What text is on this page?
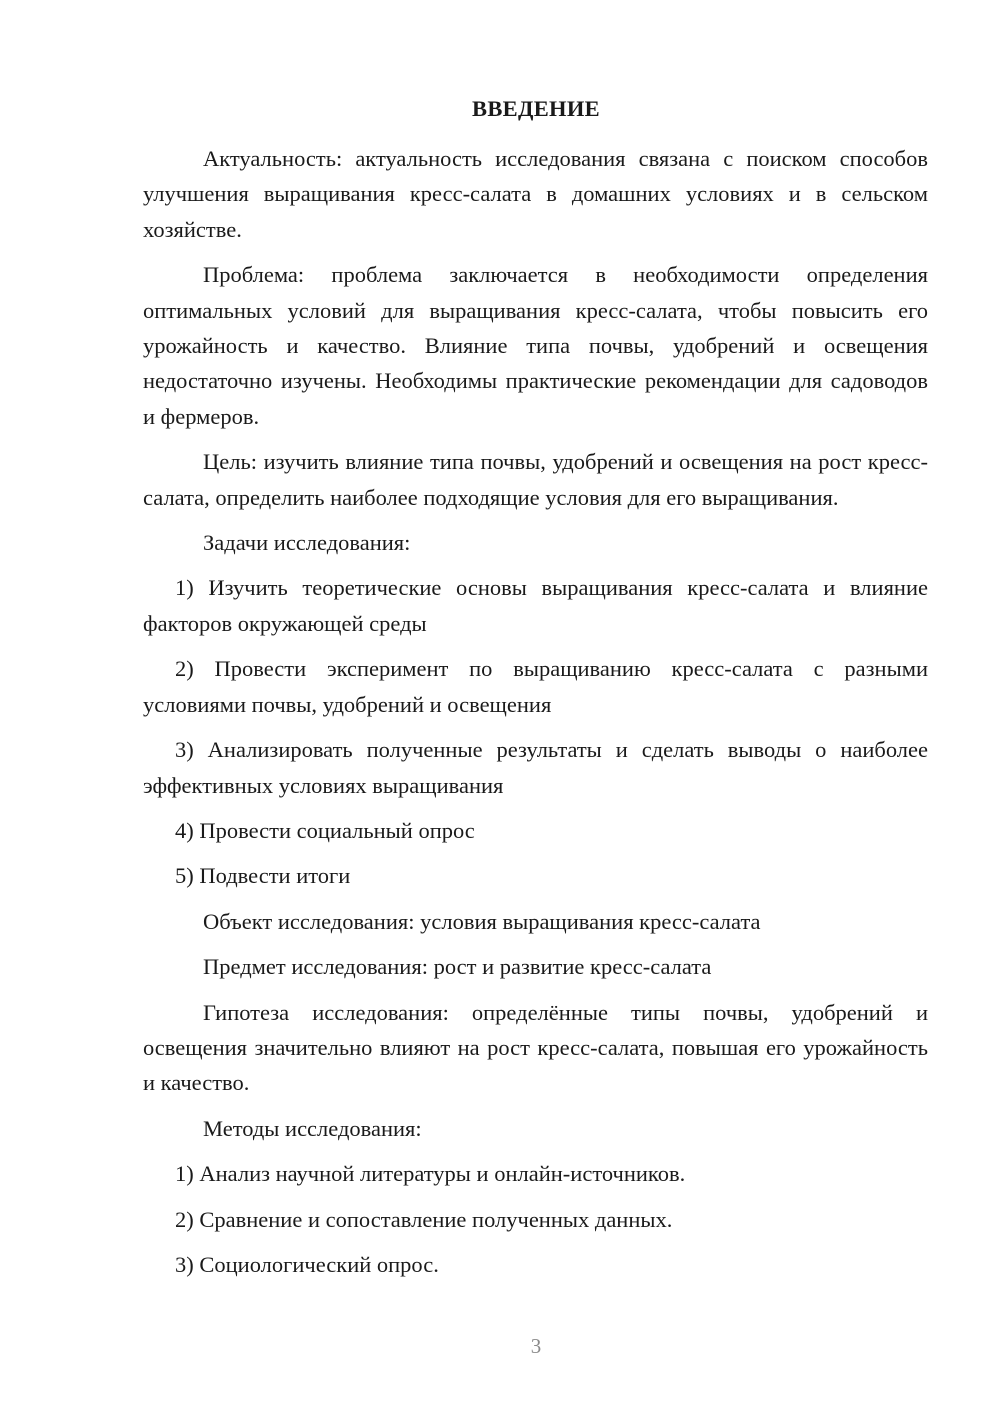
ВВЕДЕНИЕ

Актуальность: актуальность исследования связана с поиском способов улучшения выращивания кресс-салата в домашних условиях и в сельском хозяйстве.

Проблема: проблема заключается в необходимости определения оптимальных условий для выращивания кресс-салата, чтобы повысить его урожайность и качество. Влияние типа почвы, удобрений и освещения недостаточно изучены. Необходимы практические рекомендации для садоводов и фермеров.

Цель: изучить влияние типа почвы, удобрений и освещения на рост кресс-салата, определить наиболее подходящие условия для его выращивания.

Задачи исследования:

1) Изучить теоретические основы выращивания кресс-салата и влияние факторов окружающей среды

2) Провести эксперимент по выращиванию кресс-салата с разными условиями почвы, удобрений и освещения

3) Анализировать полученные результаты и сделать выводы о наиболее эффективных условиях выращивания

4) Провести социальный опрос

5) Подвести итоги

Объект исследования: условия выращивания кресс-салата

Предмет исследования: рост и развитие кресс-салата

Гипотеза исследования: определённые типы почвы, удобрений и освещения значительно влияют на рост кресс-салата, повышая его урожайность и качество.

Методы исследования:

1) Анализ научной литературы и онлайн-источников.

2) Сравнение и сопоставление полученных данных.

3) Социологический опрос.

3
